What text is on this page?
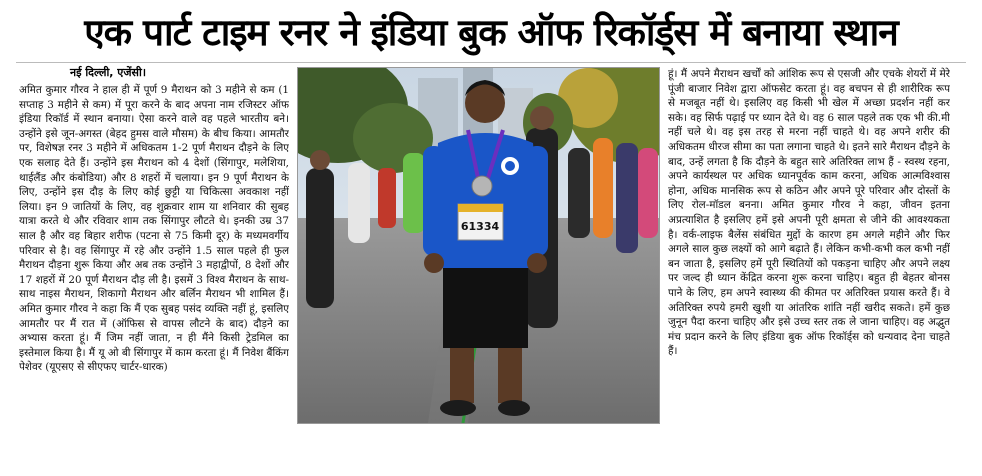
एक पार्ट टाइम रनर ने इंडिया बुक ऑफ रिकॉर्ड्स में बनाया स्थान
नई दिल्ली, एजेंसी।
अमित कुमार गौरव ने हाल ही में पूर्ण 9 मैराथन को 3 महीने से कम (1 सप्ताह 3 महीने से कम) में पूरा करने के बाद अपना नाम रजिस्टर ऑफ इंडिया रिकॉर्ड में स्थान बनाया। ऐसा करने वाले वह पहले भारतीय बने। उन्होंने इसे जून-अगस्त (बेहद हुमस वाले मौसम) के बीच किया। आमतौर पर, विशेषज्ञ रनर 3 महीने में अधिकतम 1-2 पूर्ण मैराथन दौड़ने के लिए एक सलाह देते हैं। उन्होंने इस मैराथन को 4 देशों (सिंगापुर, मलेशिया, थाईलैंड और कंबोडिया) और 8 शहरों में चलाया। इन 9 पूर्ण मैराथन के लिए, उन्होंने इस दौड़ के लिए कोई छुट्टी या चिकित्सा अवकाश नहीं लिया। इन 9 जातियों के लिए, वह शुक्रवार शाम या शनिवार की सुबह यात्रा करते थे और रविवार शाम तक सिंगापुर लौटते थे। इनकी उम्र 37 साल है और वह बिहार शरीफ (पटना से 75 किमी दूर) के मध्यमवर्गीय परिवार से है। वह सिंगापुर में रहे और उन्होंने 1.5 साल पहले ही फुल मैराथन दौड़ना शुरू किया और अब तक उन्होंने 3 महाद्वीपों, 8 देशों और 17 शहरों में 20 पूर्ण मैराथन दौड़ ली है। इसमें 3 विश्व मैराथन के साथ-साथ नाइस मैराथन, शिकागो मैराथन और बर्लिन मैराथन भी शामिल हैं। अमित कुमार गौरव ने कहा कि मैं एक सुबह पसंद व्यक्ति नहीं हूं, इसलिए आमतौर पर मैं रात में (ऑफिस से वापस लौटने के बाद) दौड़ने का अभ्यास करता हूं। मैं जिम नहीं जाता, न ही मैंने किसी ट्रेडमिल का इस्तेमाल किया है। मैं यू ओ बी सिंगापुर में काम करता हूं। मैं निवेश बैंकिंग पेशेवर (यूएसए से सीएफए चार्टर-धारक)
61334
हूं। मैं अपने मैराथन खर्चों को आंशिक रूप से एसजी और एचके शेयरों में मेरे पूंजी बाजार निवेश द्वारा ऑफसेट करता हूं। वह बचपन से ही शारीरिक रूप से मजबूत नहीं थे। इसलिए वह किसी भी खेल में अच्छा प्रदर्शन नहीं कर सके। वह सिर्फ पढ़ाई पर ध्यान देते थे। वह 6 साल पहले तक एक भी की.मी नहीं चले थे। वह इस तरह से मरना नहीं चाहते थे। वह अपने शरीर की अधिकतम धीरज सीमा का पता लगाना चाहते थे। इतने सारे मैराथन दौड़ने के बाद, उन्हें लगता है कि दौड़ने के बहुत सारे अतिरिक्त लाभ हैं - स्वस्थ रहना, अपने कार्यस्थल पर अधिक ध्यानपूर्वक काम करना, अधिक आत्मविश्वास होना, अधिक मानसिक रूप से कठिन और अपने पूरे परिवार और दोस्तों के लिए रोल-मॉडल बनना। अमित कुमार गौरव ने कहा, जीवन इतना अप्रत्याशित है इसलिए हमें इसे अपनी पूरी क्षमता से जीने की आवश्यकता है। वर्क-लाइफ बैलेंस संबंधित मुद्दों के कारण हम अगले महीने और फिर अगले साल कुछ लक्ष्यों को आगे बढ़ाते हैं। लेकिन कभी-कभी कल कभी नहीं बन जाता है, इसलिए हमें पूरी स्थितियों को पकड़ना चाहिए और अपने लक्ष्य पर जल्द ही ध्यान केंद्रित करना शुरू करना चाहिए। बहुत ही बेहतर बोनस पाने के लिए, हम अपने स्वास्थ्य की कीमत पर अतिरिक्त प्रयास करते हैं। वे अतिरिक्त रुपये हमरी खुशी या आंतरिक शांति नहीं खरीद सकते। हमें कुछ जुनून पैदा करना चाहिए और इसे उच्च स्तर तक ले जाना चाहिए। वह अद्भुत मंच प्रदान करने के लिए इंडिया बुक ऑफ रिकॉर्ड्स को धन्यवाद देना चाहते हैं।
